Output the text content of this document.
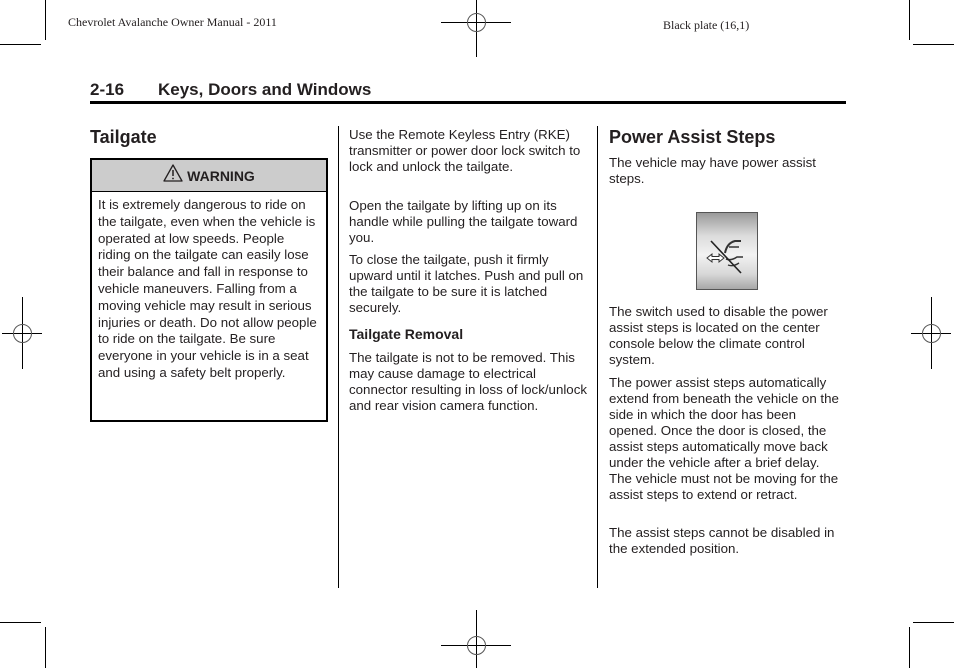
Chevrolet Avalanche Owner Manual - 2011	Black plate (16,1)
2-16 Keys, Doors and Windows
Tailgate
WARNING
It is extremely dangerous to ride on the tailgate, even when the vehicle is operated at low speeds. People riding on the tailgate can easily lose their balance and fall in response to vehicle maneuvers. Falling from a moving vehicle may result in serious injuries or death. Do not allow people to ride on the tailgate. Be sure everyone in your vehicle is in a seat and using a safety belt properly.
Use the Remote Keyless Entry (RKE) transmitter or power door lock switch to lock and unlock the tailgate.
Open the tailgate by lifting up on its handle while pulling the tailgate toward you.
To close the tailgate, push it firmly upward until it latches. Push and pull on the tailgate to be sure it is latched securely.
Tailgate Removal
The tailgate is not to be removed. This may cause damage to electrical connector resulting in loss of lock/unlock and rear vision camera function.
Power Assist Steps
The vehicle may have power assist steps.
The switch used to disable the power assist steps is located on the center console below the climate control system.
The power assist steps automatically extend from beneath the vehicle on the side in which the door has been opened. Once the door is closed, the assist steps automatically move back under the vehicle after a brief delay. The vehicle must not be moving for the assist steps to extend or retract.
The assist steps cannot be disabled in the extended position.
